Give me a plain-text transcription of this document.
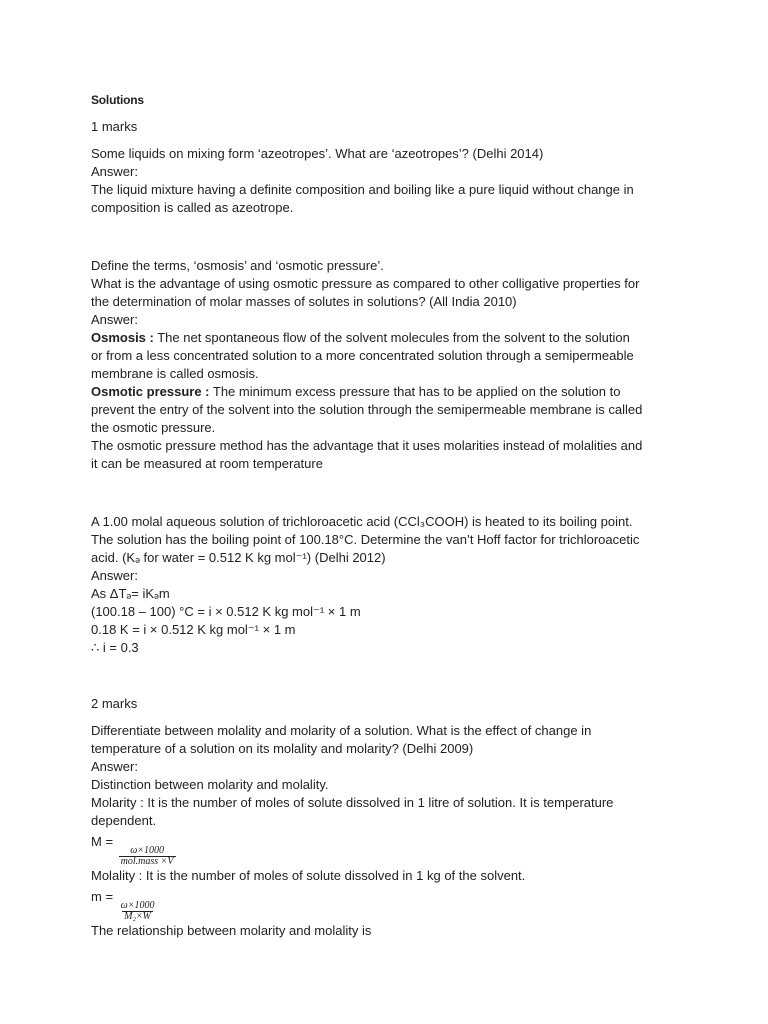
Solutions

1 marks

Some liquids on mixing form ‘azeotropes’. What are ‘azeotropes’? (Delhi 2014)

Answer:

The liquid mixture having a definite composition and boiling like a pure liquid without change in

composition is called as azeotrope.

Define the terms, ‘osmosis’ and ‘osmotic pressure’.

What is the advantage of using osmotic pressure as compared to other colligative properties for

the determination of molar masses of solutes in solutions? (All India 2010)

Answer:

Osmosis : The net spontaneous flow of the solvent molecules from the solvent to the solution

or from a less concentrated solution to a more concentrated solution through a semipermeable

membrane is called osmosis.

Osmotic pressure : The minimum excess pressure that has to be applied on the solution to

prevent the entry of the solvent into the solution through the semipermeable membrane is called

the osmotic pressure.

The osmotic pressure method has the advantage that it uses molarities instead of molalities and

it can be measured at room temperature

A 1.00 molal aqueous solution of trichloroacetic acid (CCl₃COOH) is heated to its boiling point.

The solution has the boiling point of 100.18°C. Determine the van’t Hoff factor for trichloroacetic

acid. (Kₔ for water = 0.512 K kg mol⁻¹) (Delhi 2012)

Answer:

As ΔTₔ= iKₔm

(100.18 – 100) °C = i × 0.512 K kg mol⁻¹ × 1 m

0.18 K = i × 0.512 K kg mol⁻¹ × 1 m

∴ i = 0.3

2 marks

Differentiate between molality and molarity of a solution. What is the effect of change in

temperature of a solution on its molality and molarity? (Delhi 2009)

Answer:

Distinction between molarity and molality.

Molarity : It is the number of moles of solute dissolved in 1 litre of solution. It is temperature

dependent.

M =
$\frac{\omega\times 1000}{\text{mol.mass ×V}}$

Molality : It is the number of moles of solute dissolved in 1 kg of the solvent.

m =
$\frac{\omega\times 1000}{\text{M₂×W}}$

The relationship between molarity and molality is
